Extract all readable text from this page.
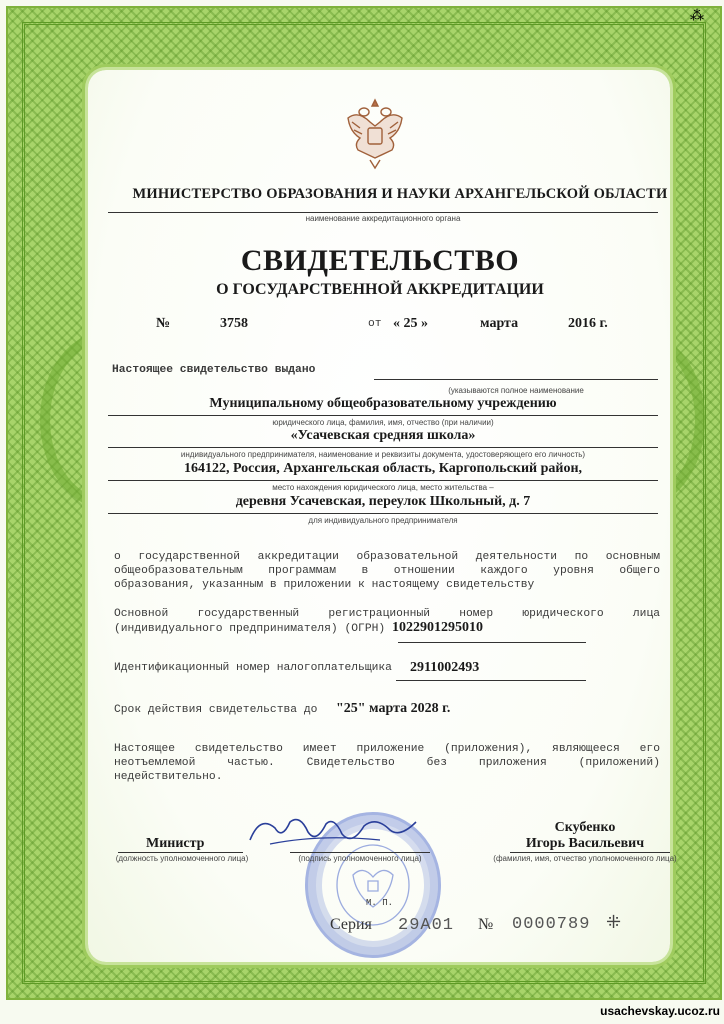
⁂
МИНИСТЕРСТВО ОБРАЗОВАНИЯ И НАУКИ АРХАНГЕЛЬСКОЙ ОБЛАСТИ
наименование аккредитационного органа
СВИДЕТЕЛЬСТВО
О ГОСУДАРСТВЕННОЙ АККРЕДИТАЦИИ
№	3758	от « 25 »	марта	2016 г.
Настоящее свидетельство выдано
(указываются полное наименование
Муниципальному общеобразовательному учреждению
юридического лица, фамилия, имя, отчество (при наличии)
«Усачевская средняя школа»
индивидуального предпринимателя, наименование и реквизиты документа, удостоверяющего его личность)
164122, Россия, Архангельская область, Каргопольский район,
место нахождения юридического лица, место жительства –
деревня Усачевская, переулок Школьный, д. 7
для индивидуального предпринимателя
о государственной аккредитации образовательной деятельности по основным
общеобразовательным программам в отношении каждого уровня общего
образования, указанным в приложении к настоящему свидетельству
Основной государственный регистрационный номер юридического лица
(индивидуального предпринимателя) (ОГРН) 1022901295010
Идентификационный номер налогоплательщика 2911002493
Срок действия свидетельства до "25" марта 2028 г.
Настоящее свидетельство имеет приложение (приложения), являющееся его
неотъемлемой частью. Свидетельство без приложения (приложений)
недействительно.
Министр
(должность уполномоченного лица)	(подпись уполномоченного лица)
Скубенко
Игорь Васильевич
(фамилия, имя, отчество уполномоченного лица)
М. П.
Серия 29А01 № 0000789 ⁜
usachevskay.ucoz.ru
